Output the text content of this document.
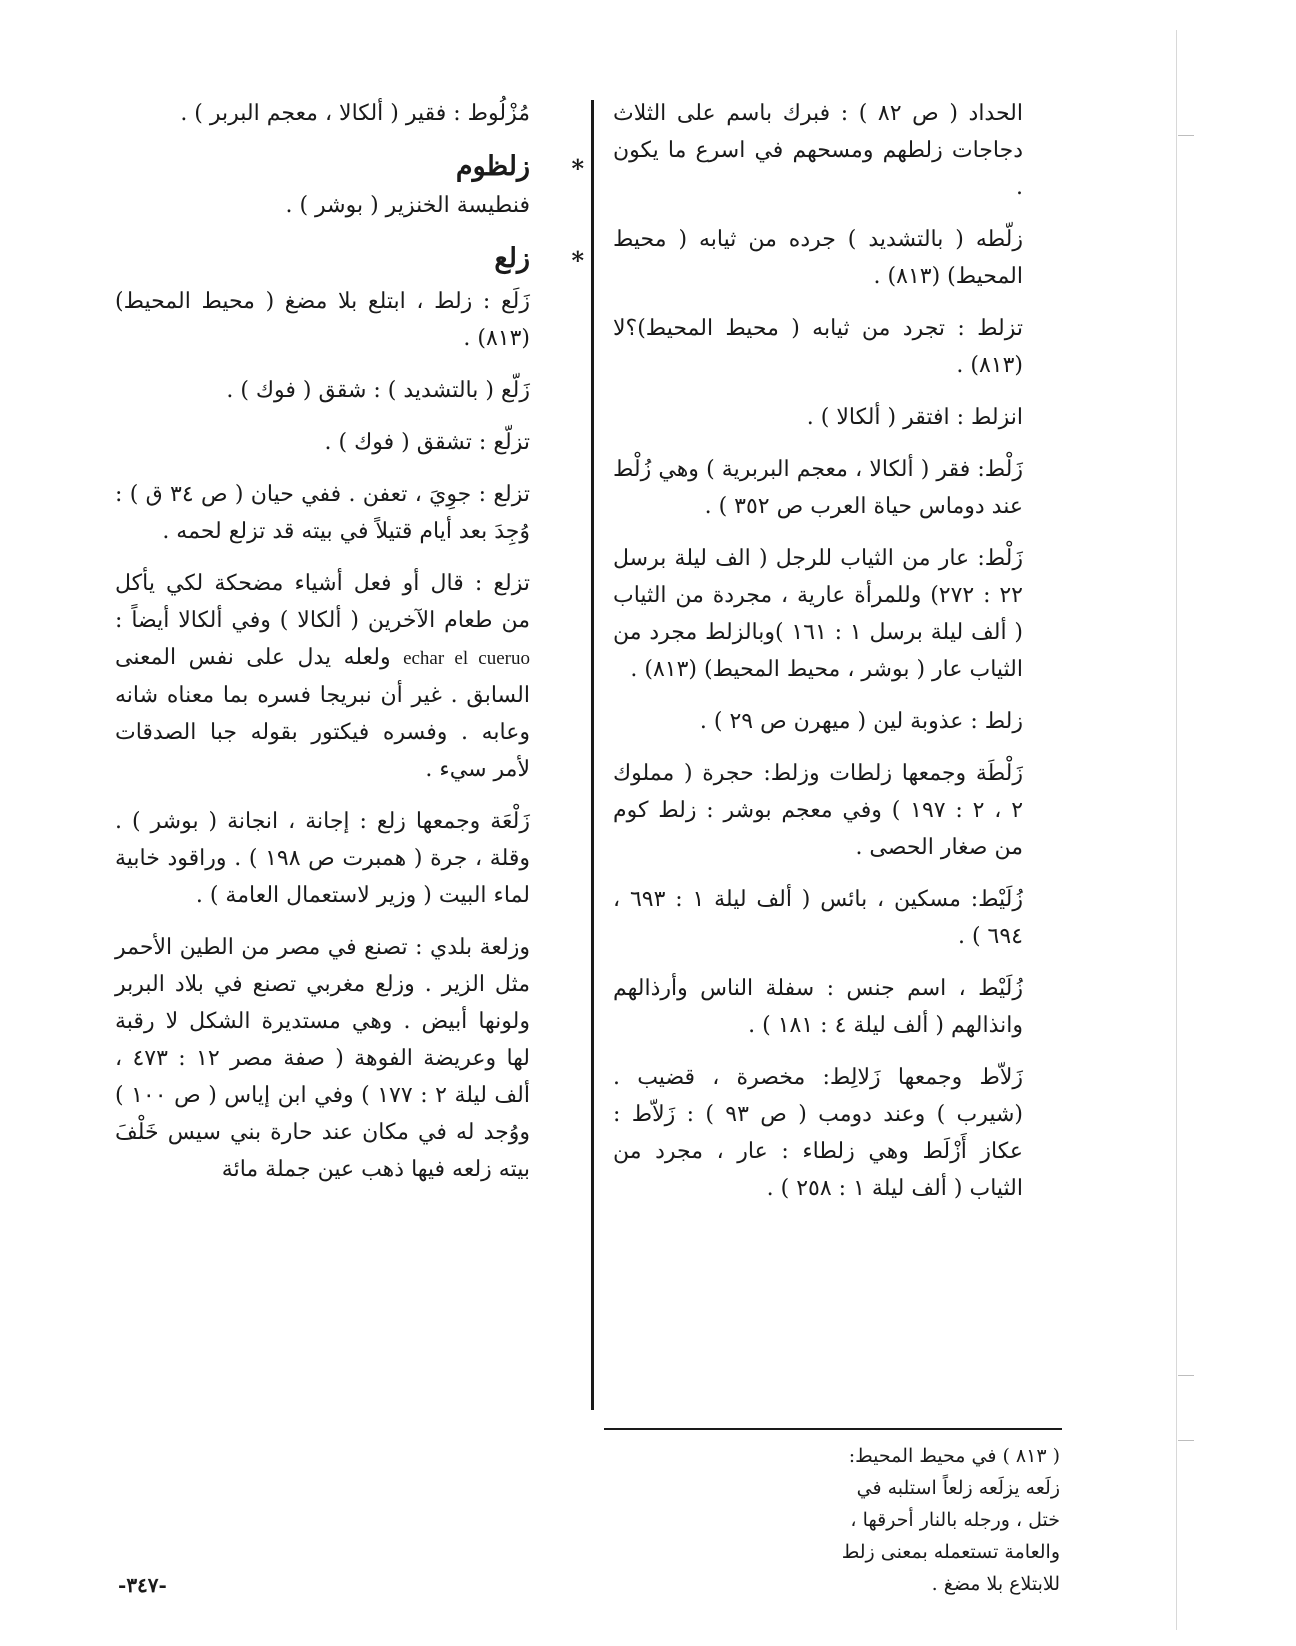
الحداد ( ص ٨٢ ) : فبرك باسم على الثلاث دجاجات زلطهم ومسحهم في اسرع ما يكون .

زلّطه ( بالتشديد ) جرده من ثيابه ( محيط المحيط) (٨١٣) .

تزلط : تجرد من ثيابه ( محيط المحيط)؟لا (٨١٣) .

انزلط : افتقر ( ألكالا ) .

زَلْط: فقر ( ألكالا ، معجم البربرية ) وهي زُلْط عند دوماس حياة العرب ص ٣٥٢ ) .

زَلْط: عار من الثياب للرجل ( الف ليلة برسل ٢٢ : ٢٧٢) وللمرأة عارية ، مجردة من الثياب ( ألف ليلة برسل ١ : ١٦١ )وبالزلط مجرد من الثياب عار ( بوشر ، محيط المحيط) (٨١٣) .

زلط : عذوبة لين ( ميهرن ص ٢٩ ) .

زَلْطَة وجمعها زلطات وزلط: حجرة ( مملوك ٢ ، ٢ : ١٩٧ ) وفي معجم بوشر : زلط كوم من صغار الحصى .

زُلَيْط: مسكين ، بائس ( ألف ليلة ١ : ٦٩٣ ، ٦٩٤ ) .

زُلَيْط ، اسم جنس : سفلة الناس وأرذالهم وانذالهم ( ألف ليلة ٤ : ١٨١ ) .

زَلاّط وجمعها زَلالِط: مخصرة ، قضيب . (شيرب ) وعند دومب ( ص ٩٣ ) : زَلاّط : عكاز أَزْلَط وهي زلطاء : عار ، مجرد من الثياب ( ألف ليلة ١ : ٢٥٨ ) .

مُزْلُوط : فقير ( ألكالا ، معجم البربر ) .

*
زلظوم
فنطيسة الخنزير ( بوشر ) .
*
زلع

زَلَع : زلط ، ابتلع بلا مضغ ( محيط المحيط) (٨١٣) .

زَلّع ( بالتشديد ) : شقق ( فوك ) .

تزلّع : تشقق ( فوك ) .

تزلع : جوِيَ ، تعفن . ففي حيان ( ص ٣٤ ق ) : وُجِدَ بعد أيام قتيلاً في بيته قد تزلع لحمه .

تزلع : قال أو فعل أشياء مضحكة لكي يأكل من طعام الآخرين ( ألكالا ) وفي ألكالا أيضاً : echar el cueruo ولعله يدل على نفس المعنى السابق . غير أن نبريجا فسره بما معناه شانه وعابه . وفسره فيكتور بقوله جبا الصدقات لأمر سيء .

زَلْعَة وجمعها زلع : إجانة ، انجانة ( بوشر ) . وقلة ، جرة ( همبرت ص ١٩٨ ) . وراقود خابية لماء البيت ( وزير لاستعمال العامة ) .

وزلعة بلدي : تصنع في مصر من الطين الأحمر مثل الزير . وزلع مغربي تصنع في بلاد البربر ولونها أبيض . وهي مستديرة الشكل لا رقبة لها وعريضة الفوهة ( صفة مصر ١٢ : ٤٧٣ ، ألف ليلة ٢ : ١٧٧ ) وفي ابن إياس ( ص ١٠٠ ) ووُجد له في مكان عند حارة بني سيس خَلْفَ بيته زلعه فيها ذهب عين جملة مائة

( ٨١٣ ) في محيط المحيط: زلَعه يزلَعه زلعاً استلبه في ختل ، ورجله بالنار أحرقها ، والعامة تستعمله بمعنى زلط للابتلاع بلا مضغ .
-٣٤٧-
